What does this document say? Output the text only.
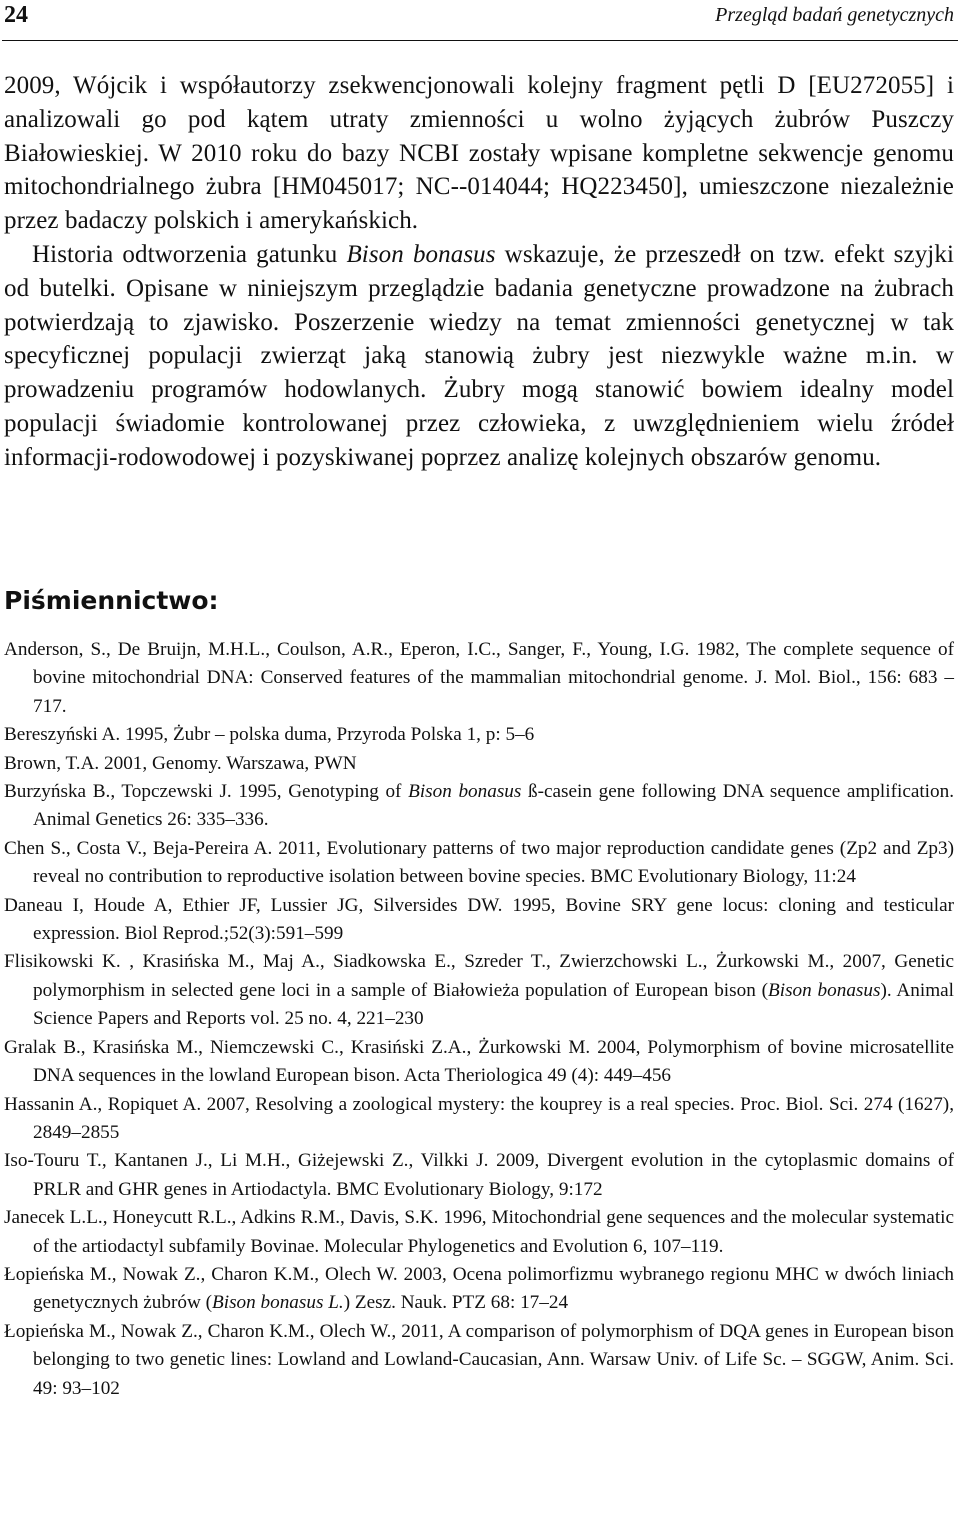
24	Przegląd badań genetycznych

2009, Wójcik i współautorzy zsekwencjonowali kolejny fragment pętli D [EU272055] i analizowali go pod kątem utraty zmienności u wolno żyjących żubrów Puszczy Białowieskiej. W 2010 roku do bazy NCBI zostały wpisane kompletne sekwencje genomu mitochondrialnego żubra [HM045017; NC--014044; HQ223450], umieszczone niezależnie przez badaczy polskich i amerykańskich.

Historia odtworzenia gatunku Bison bonasus wskazuje, że przeszedł on tzw. efekt szyjki od butelki. Opisane w niniejszym przeglądzie badania genetyczne prowadzone na żubrach potwierdzają to zjawisko. Poszerzenie wiedzy na temat zmienności genetycznej w tak specyficznej populacji zwierząt jaką stanowią żubry jest niezwykle ważne m.in. w prowadzeniu programów hodowlanych. Żubry mogą stanowić bowiem idealny model populacji świadomie kontrolowanej przez człowieka, z uwzględnieniem wielu źródeł informacji-rodowodowej i pozyskiwanej poprzez analizę kolejnych obszarów genomu.

Piśmiennictwo:
Anderson, S., De Bruijn, M.H.L., Coulson, A.R., Eperon, I.C., Sanger, F., Young, I.G. 1982, The complete sequence of bovine mitochondrial DNA: Conserved features of the mammalian mitochondrial genome. J. Mol. Biol., 156: 683 – 717.
Bereszyński A. 1995, Żubr – polska duma, Przyroda Polska 1, p: 5–6
Brown, T.A. 2001, Genomy. Warszawa, PWN
Burzyńska B., Topczewski J. 1995, Genotyping of Bison bonasus ß-casein gene following DNA sequence amplification. Animal Genetics 26: 335–336.
Chen S., Costa V., Beja-Pereira A. 2011, Evolutionary patterns of two major reproduction candidate genes (Zp2 and Zp3) reveal no contribution to reproductive isolation between bovine species. BMC Evolutionary Biology, 11:24
Daneau I, Houde A, Ethier JF, Lussier JG, Silversides DW. 1995, Bovine SRY gene locus: cloning and testicular expression. Biol Reprod.;52(3):591–599
Flisikowski K. , Krasińska M., Maj A., Siadkowska E., Szreder T., Zwierzchowski L., Żurkowski M., 2007, Genetic polymorphism in selected gene loci in a sample of Białowieża population of European bison (Bison bonasus). Animal Science Papers and Reports vol. 25 no. 4, 221–230
Gralak B., Krasińska M., Niemczewski C., Krasiński Z.A., Żurkowski M. 2004, Polymorphism of bovine microsatellite DNA sequences in the lowland European bison. Acta Theriologica 49 (4): 449–456
Hassanin A., Ropiquet A. 2007, Resolving a zoological mystery: the kouprey is a real species. Proc. Biol. Sci. 274 (1627), 2849–2855
Iso-Touru T., Kantanen J., Li M.H., Giżejewski Z., Vilkki J. 2009, Divergent evolution in the cytoplasmic domains of PRLR and GHR genes in Artiodactyla. BMC Evolutionary Biology, 9:172
Janecek L.L., Honeycutt R.L., Adkins R.M., Davis, S.K. 1996, Mitochondrial gene sequences and the molecular systematic of the artiodactyl subfamily Bovinae. Molecular Phylogenetics and Evolution 6, 107–119.
Łopieńska M., Nowak Z., Charon K.M., Olech W. 2003, Ocena polimorfizmu wybranego regionu MHC w dwóch liniach genetycznych żubrów (Bison bonasus L.) Zesz. Nauk. PTZ 68: 17–24
Łopieńska M., Nowak Z., Charon K.M., Olech W., 2011, A comparison of polymorphism of DQA genes in European bison belonging to two genetic lines: Lowland and Lowland-Caucasian, Ann. Warsaw Univ. of Life Sc. – SGGW, Anim. Sci. 49: 93–102
